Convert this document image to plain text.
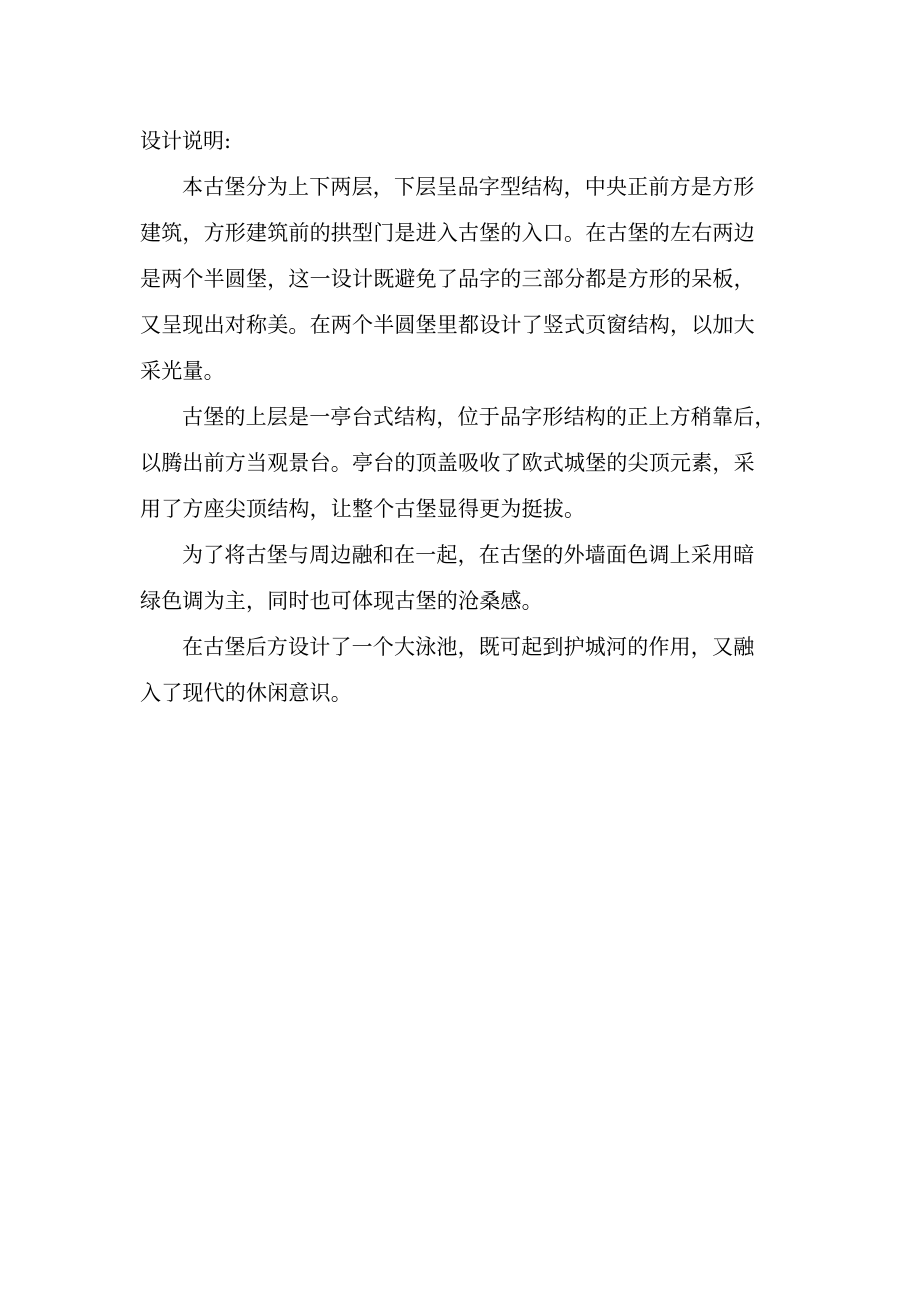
设计说明:
本古堡分为上下两层，下层呈品字型结构，中央正前方是方形
建筑，方形建筑前的拱型门是进入古堡的入口。在古堡的左右两边
是两个半圆堡，这一设计既避免了品字的三部分都是方形的呆板，
又呈现出对称美。在两个半圆堡里都设计了竖式页窗结构，以加大
采光量。
古堡的上层是一亭台式结构，位于品字形结构的正上方稍靠后，
以腾出前方当观景台。亭台的顶盖吸收了欧式城堡的尖顶元素，采
用了方座尖顶结构，让整个古堡显得更为挺拔。
为了将古堡与周边融和在一起，在古堡的外墙面色调上采用暗
绿色调为主，同时也可体现古堡的沧桑感。
在古堡后方设计了一个大泳池，既可起到护城河的作用，又融
入了现代的休闲意识。
